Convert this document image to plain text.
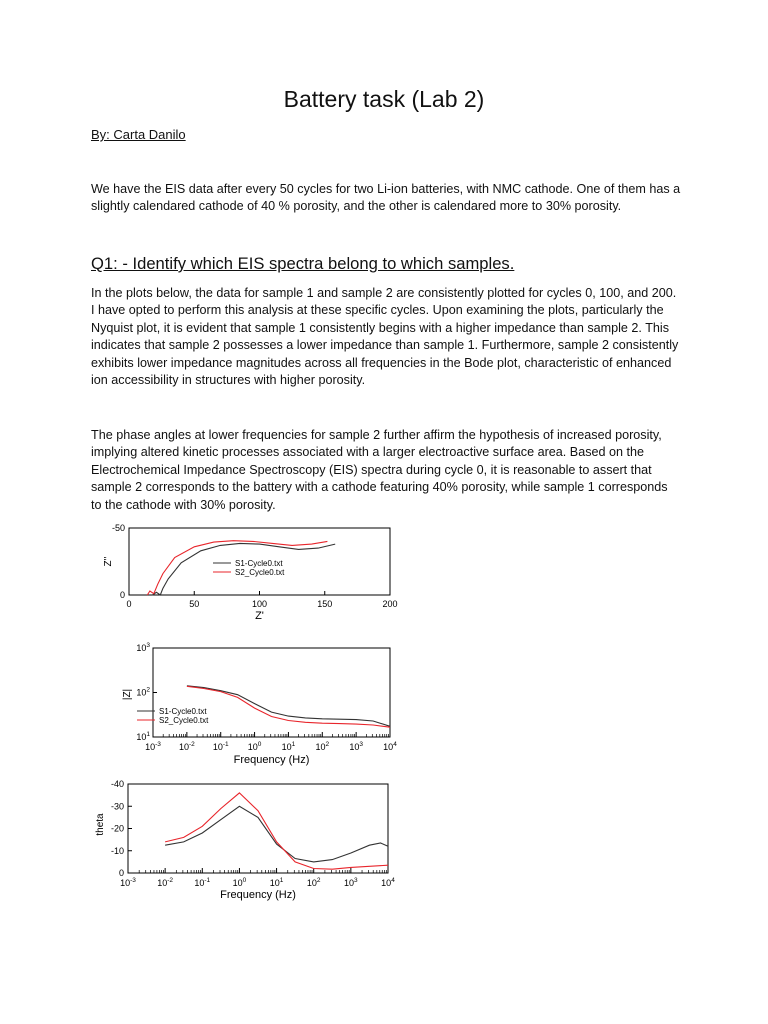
Battery task (Lab 2)
By: Carta Danilo

We have the EIS data after every 50 cycles for two Li-ion batteries, with NMC cathode. One of them has a slightly calendared cathode of 40 % porosity, and the other is calendared more to 30% porosity.

Q1: - Identify which EIS spectra belong to which samples.

In the plots below, the data for sample 1 and sample 2 are consistently plotted for cycles 0, 100, and 200. I have opted to perform this analysis at these specific cycles. Upon examining the plots, particularly the Nyquist plot, it is evident that sample 1 consistently begins with a higher impedance than sample 2. This indicates that sample 2 possesses a lower impedance than sample 1. Furthermore, sample 2 consistently exhibits lower impedance magnitudes across all frequencies in the Bode plot, characteristic of enhanced ion accessibility in structures with higher porosity.

The phase angles at lower frequencies for sample 2 further affirm the hypothesis of increased porosity, implying altered kinetic processes associated with a larger electroactive surface area. Based on the Electrochemical Impedance Spectroscopy (EIS) spectra during cycle 0, it is reasonable to assert that sample 2 corresponds to the battery with a cathode featuring 40% porosity, while sample 1 corresponds to the cathode with 30% porosity.

0	50	100	150	200
-50
0
Z'
Z''	S1-Cycle0.txt
S2_Cycle0.txt
$10^{-3}$ $10^{-2}$ $10^{-1}$ $10^0$ $10^1$ $10^2$ $10^3$ $10^4$
$10^1$
$10^2$
$10^3$
Frequency (Hz)
|Z|
S1-Cycle0.txt
S2_Cycle0.txt
$10^{-3}$ $10^{-2}$ $10^{-1}$ $10^0$	$10^1$	$10^2$	$10^3$	$10^4$
-40
-30
-20
-10
0
Frequency (Hz)
theta
